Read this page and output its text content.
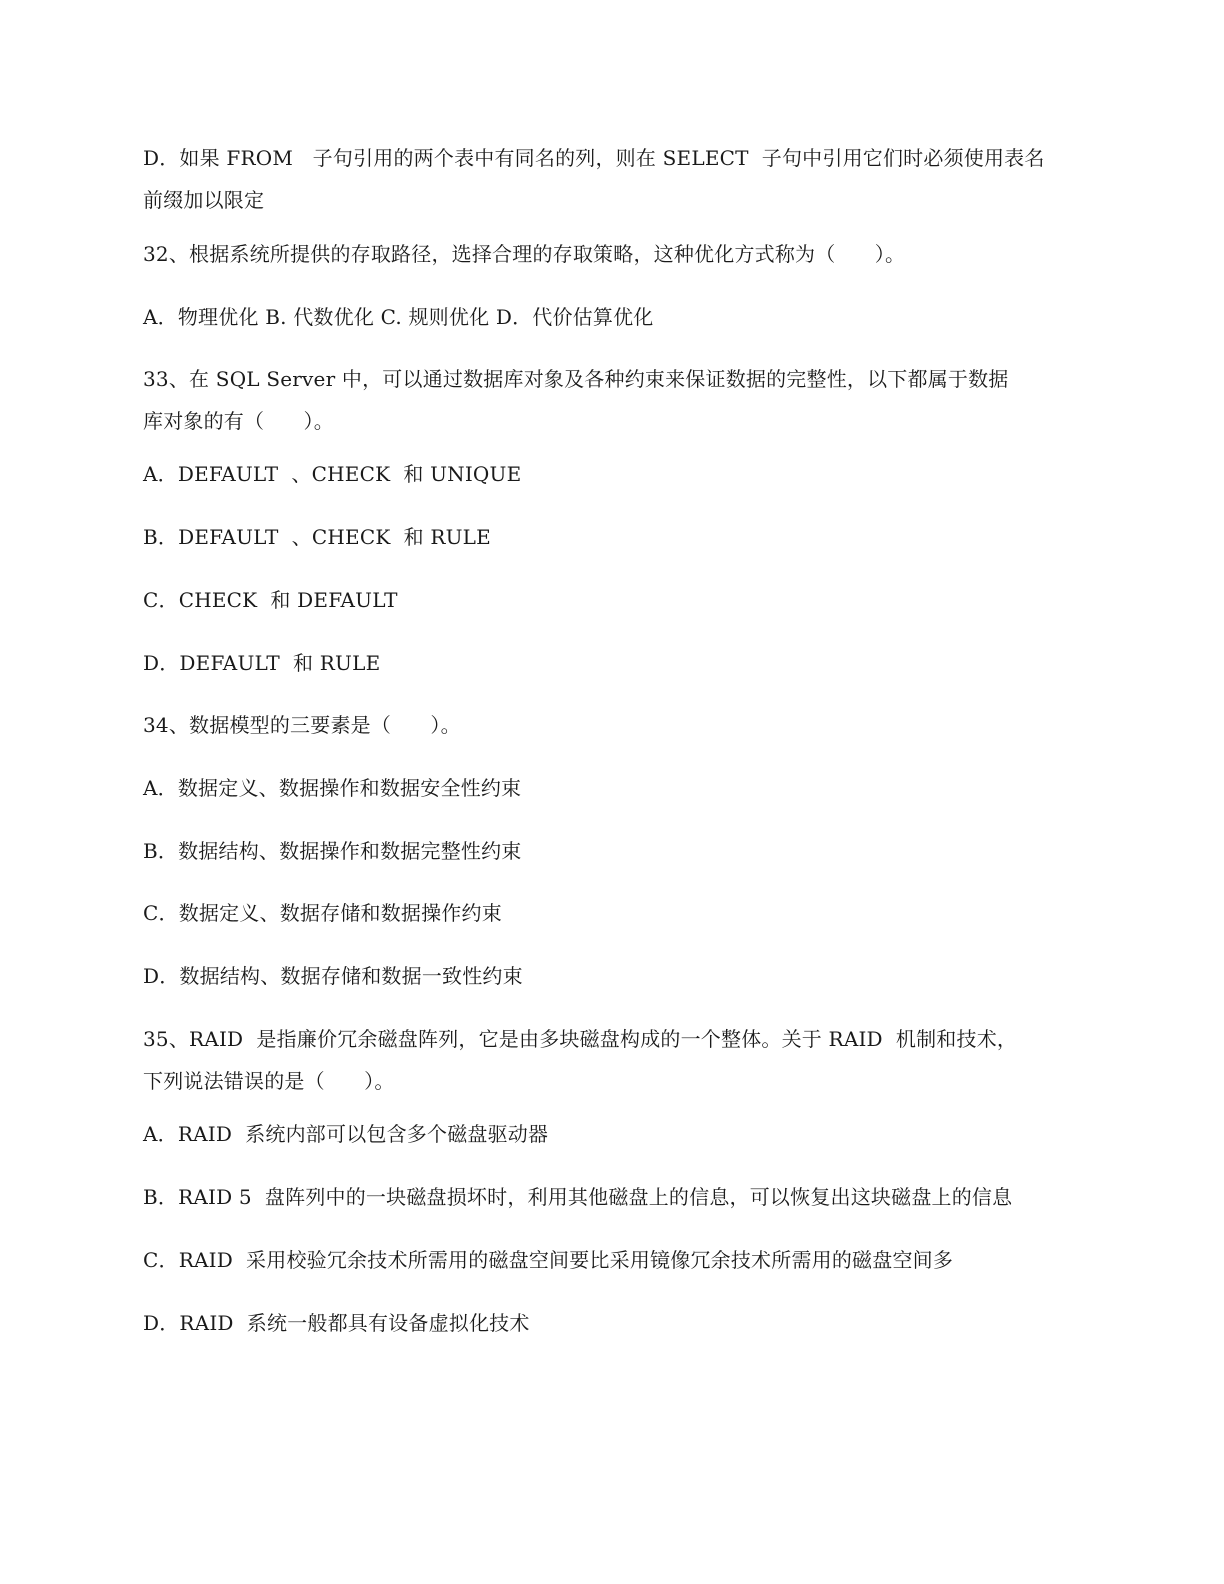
D．如果 FROM   子句引用的两个表中有同名的列，则在 SELECT  子句中引用它们时必须使用表名
前缀加以限定
32、根据系统所提供的存取路径，选择合理的存取策略，这种优化方式称为（      ）。
A．物理优化 B. 代数优化 C. 规则优化 D．代价估算优化
33、在 SQL Server 中，可以通过数据库对象及各种约束来保证数据的完整性，以下都属于数据
库对象的有（      ）。
A．DEFAULT  、CHECK  和 UNIQUE
B．DEFAULT  、CHECK  和 RULE
C．CHECK  和 DEFAULT
D．DEFAULT  和 RULE
34、数据模型的三要素是（      ）。
A．数据定义、数据操作和数据安全性约束
B．数据结构、数据操作和数据完整性约束
C．数据定义、数据存储和数据操作约束
D．数据结构、数据存储和数据一致性约束
35、RAID  是指廉价冗余磁盘阵列，它是由多块磁盘构成的一个整体。关于 RAID  机制和技术，
下列说法错误的是（      ）。
A．RAID  系统内部可以包含多个磁盘驱动器
B．RAID 5  盘阵列中的一块磁盘损坏时，利用其他磁盘上的信息，可以恢复出这块磁盘上的信息
C．RAID  采用校验冗余技术所需用的磁盘空间要比采用镜像冗余技术所需用的磁盘空间多
D．RAID  系统一般都具有设备虚拟化技术
